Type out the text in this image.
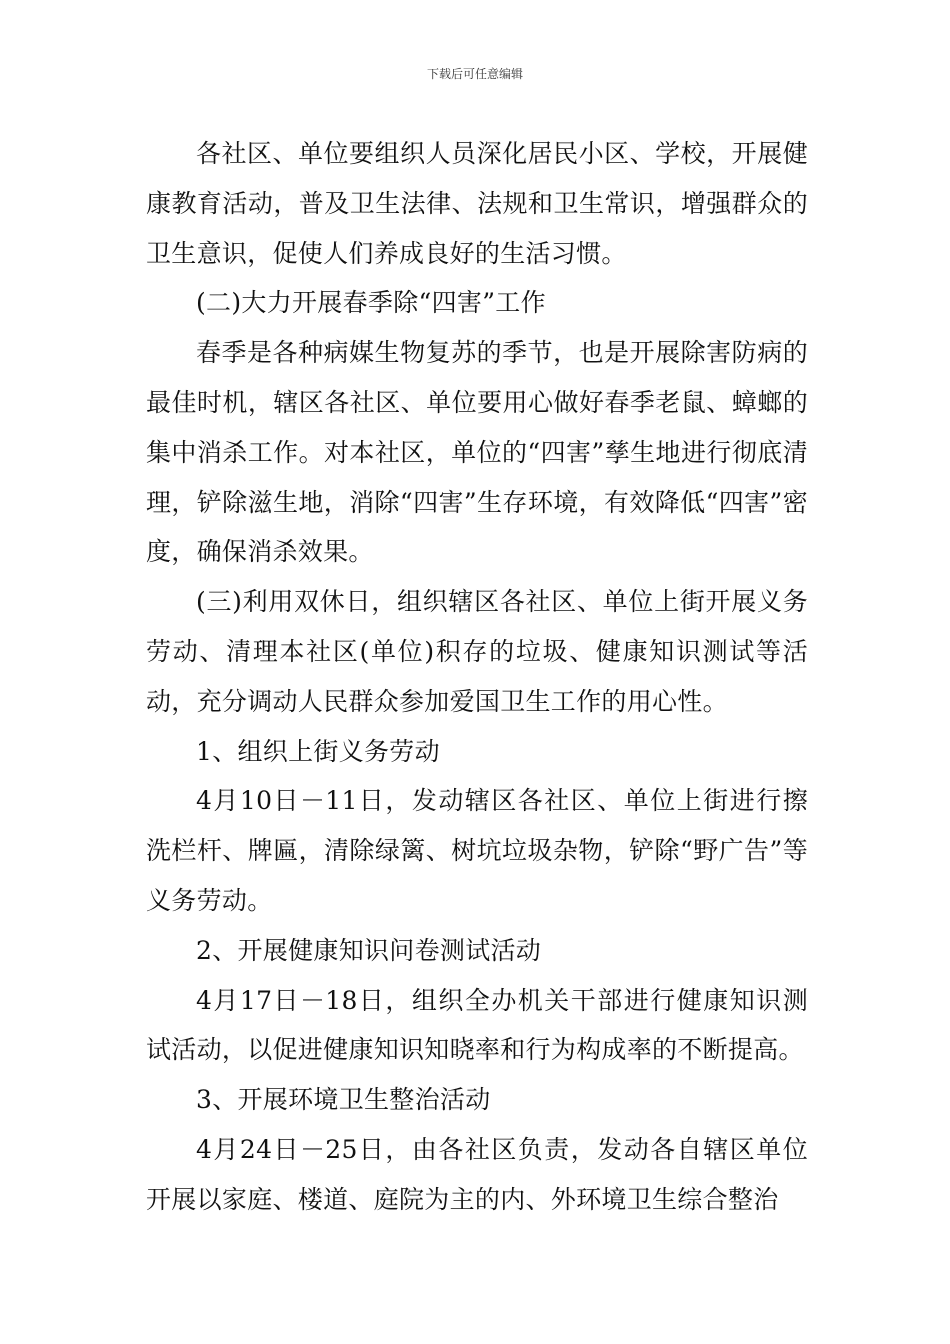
下载后可任意编辑

各社区、单位要组织人员深化居民小区、学校，开展健康教育活动，普及卫生法律、法规和卫生常识，增强群众的卫生意识，促使人们养成良好的生活习惯。

(二)大力开展春季除“四害”工作

春季是各种病媒生物复苏的季节，也是开展除害防病的最佳时机，辖区各社区、单位要用心做好春季老鼠、蟑螂的集中消杀工作。对本社区，单位的“四害”孳生地进行彻底清理，铲除滋生地，消除“四害”生存环境，有效降低“四害”密度，确保消杀效果。

(三)利用双休日，组织辖区各社区、单位上街开展义务劳动、清理本社区(单位)积存的垃圾、健康知识测试等活动，充分调动人民群众参加爱国卫生工作的用心性。

1、组织上街义务劳动

4月10日－11日，发动辖区各社区、单位上街进行擦洗栏杆、牌匾，清除绿篱、树坑垃圾杂物，铲除“野广告”等义务劳动。

2、开展健康知识问卷测试活动

4月17日－18日，组织全办机关干部进行健康知识测试活动，以促进健康知识知晓率和行为构成率的不断提高。

3、开展环境卫生整治活动

4月24日－25日，由各社区负责，发动各自辖区单位开展以家庭、楼道、庭院为主的内、外环境卫生综合整治
